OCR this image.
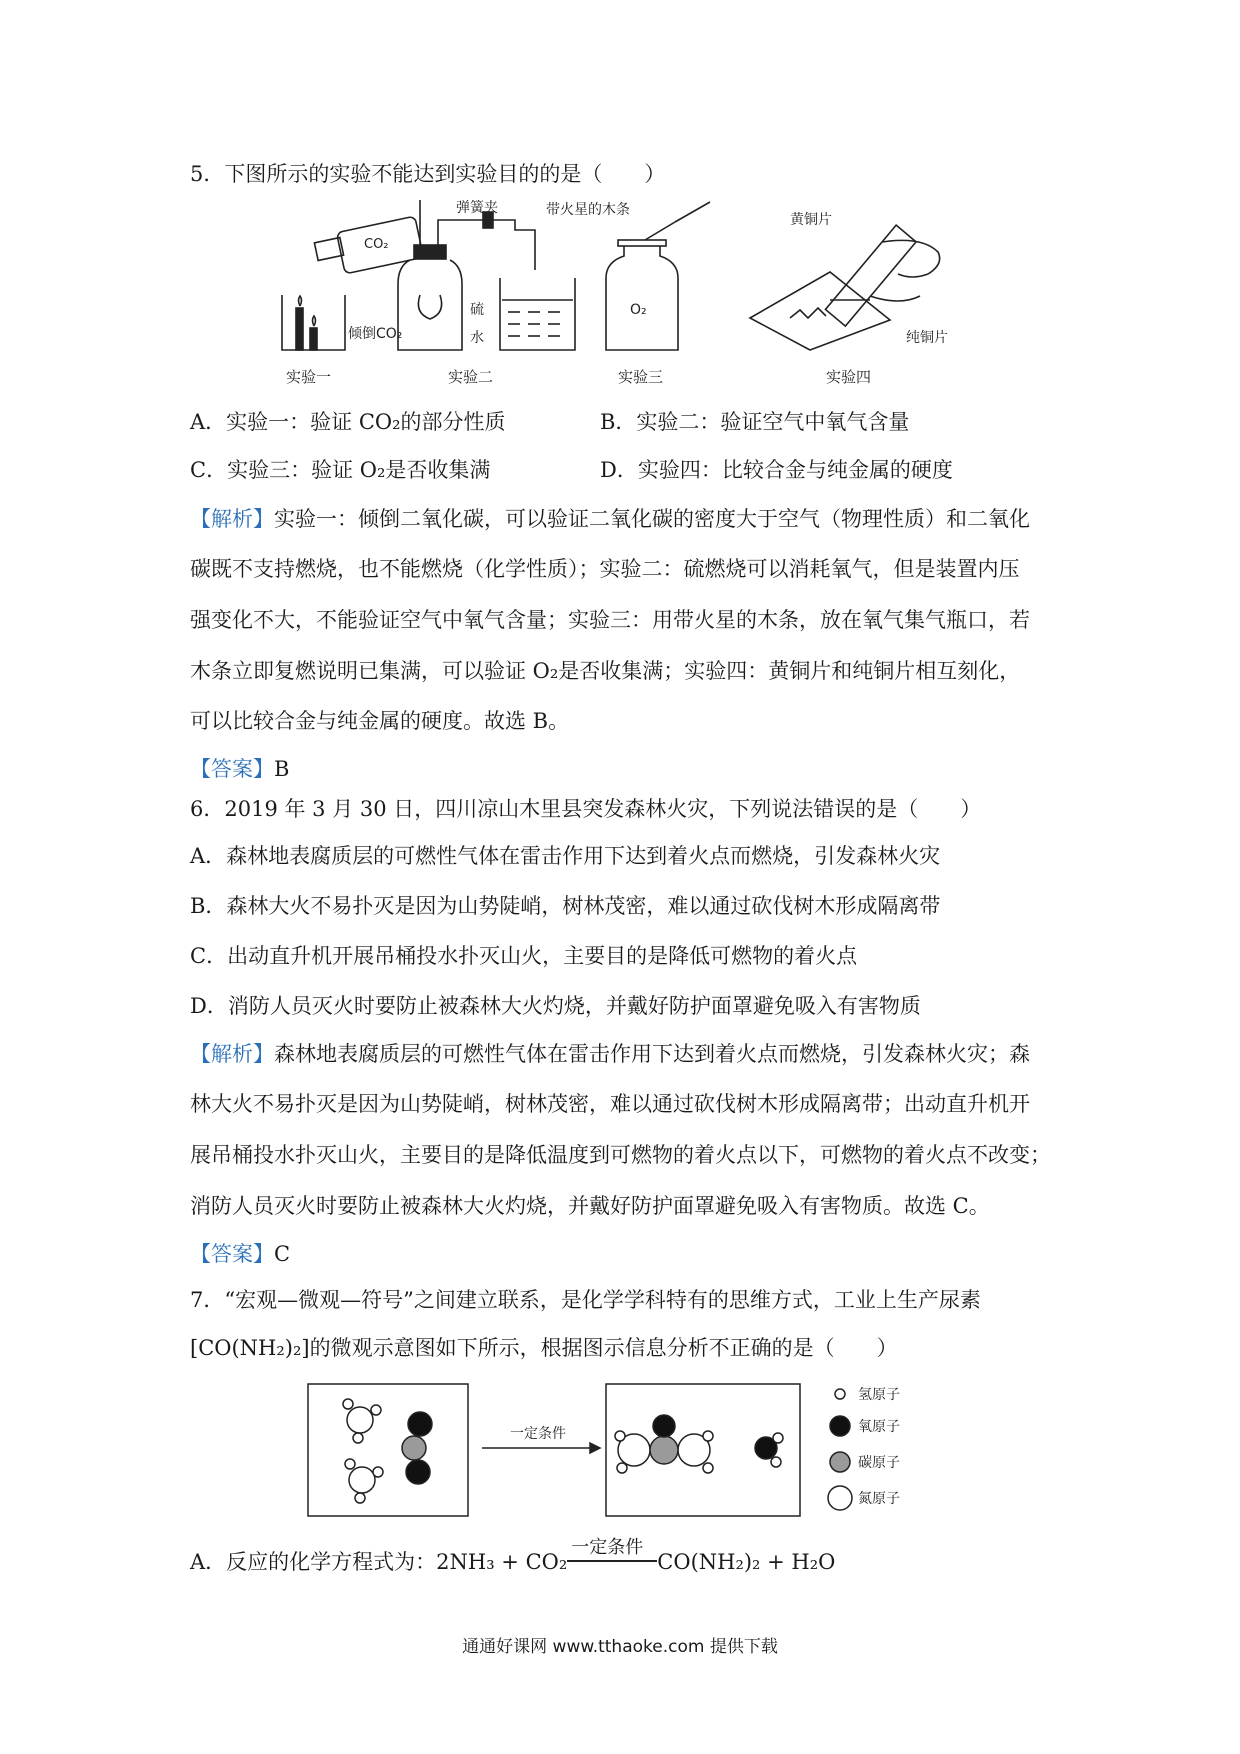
5．下图所示的实验不能达到实验目的的是（　　）
实验一
CO₂
倾倒CO₂
实验二
弹簧夹
硫
水
实验三
带火星的木条
O₂
实验四
黄铜片
纯铜片
A．实验一：验证 CO₂的部分性质	B．实验二：验证空气中氧气含量
C．实验三：验证 O₂是否收集满	D．实验四：比较合金与纯金属的硬度
【解析】实验一：倾倒二氧化碳，可以验证二氧化碳的密度大于空气（物理性质）和二氧化
碳既不支持燃烧，也不能燃烧（化学性质）；实验二：硫燃烧可以消耗氧气，但是装置内压
强变化不大，不能验证空气中氧气含量；实验三：用带火星的木条，放在氧气集气瓶口，若
木条立即复燃说明已集满，可以验证 O₂是否收集满；实验四：黄铜片和纯铜片相互刻化，
可以比较合金与纯金属的硬度。故选 B。
【答案】B
6．2019 年 3 月 30 日，四川凉山木里县突发森林火灾，下列说法错误的是（　　）
A．森林地表腐质层的可燃性气体在雷击作用下达到着火点而燃烧，引发森林火灾
B．森林大火不易扑灭是因为山势陡峭，树林茂密，难以通过砍伐树木形成隔离带
C．出动直升机开展吊桶投水扑灭山火，主要目的是降低可燃物的着火点
D．消防人员灭火时要防止被森林大火灼烧，并戴好防护面罩避免吸入有害物质
【解析】森林地表腐质层的可燃性气体在雷击作用下达到着火点而燃烧，引发森林火灾；森
林大火不易扑灭是因为山势陡峭，树林茂密，难以通过砍伐树木形成隔离带；出动直升机开
展吊桶投水扑灭山火，主要目的是降低温度到可燃物的着火点以下，可燃物的着火点不改变；
消防人员灭火时要防止被森林大火灼烧，并戴好防护面罩避免吸入有害物质。故选 C。
【答案】C
7．“宏观—微观—符号”之间建立联系，是化学学科特有的思维方式，工业上生产尿素
[CO(NH₂)₂]的微观示意图如下所示，根据图示信息分析不正确的是（　　）
一定条件
氢原子
氧原子
碳原子
氮原子
A．反应的化学方程式为：2NH₃ + CO₂
一定条件
CO(NH₂)₂ + H₂O
通通好课网 www.tthaoke.com 提供下载
